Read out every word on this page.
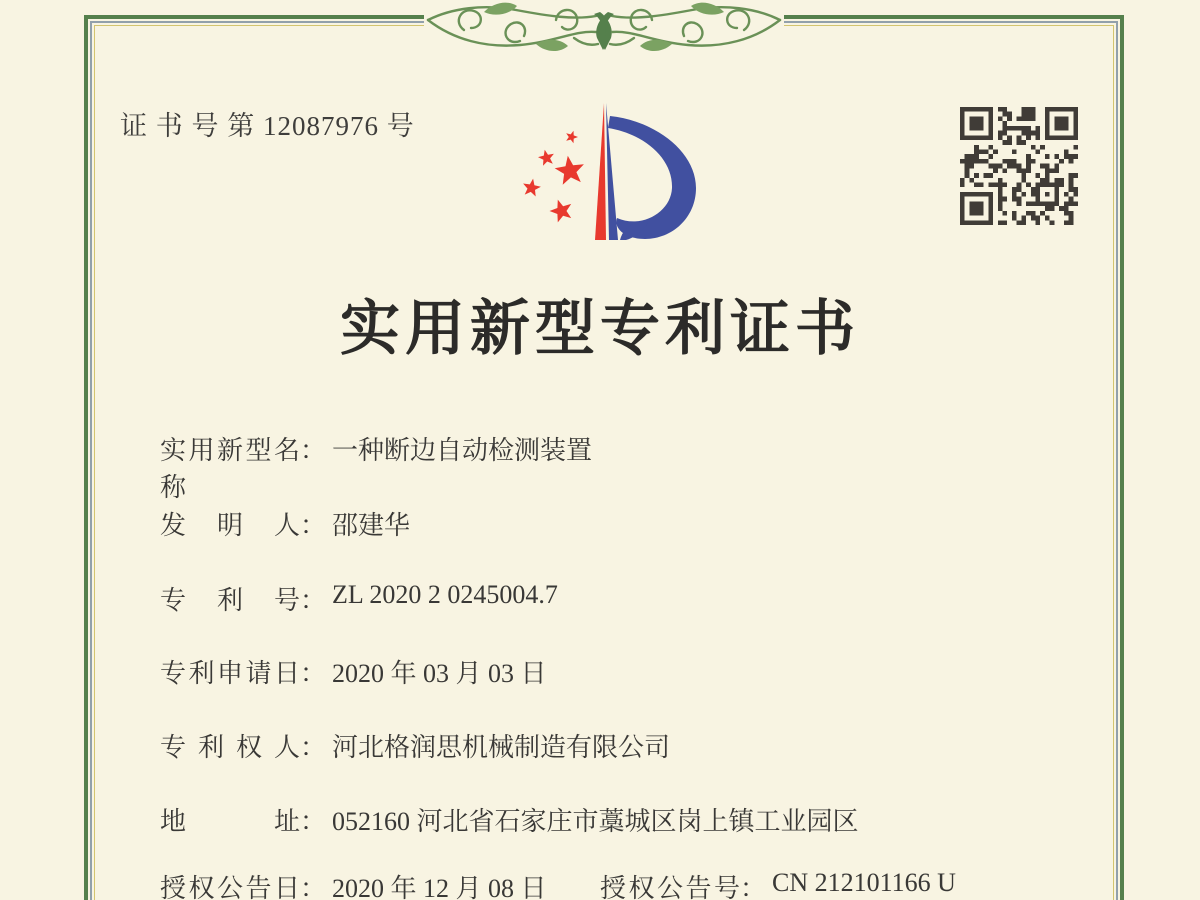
证 书 号 第 12087976 号
实用新型专利证书
实用新型名称： 一种断边自动检测装置
发明人： 邵建华
专利号： ZL 2020 2 0245004.7
专利申请日： 2020 年 03 月 03 日
专利权人： 河北格润思机械制造有限公司
地址： 052160 河北省石家庄市藁城区岗上镇工业园区
授权公告日： 2020 年 12 月 08 日 授权公告号： CN 212101166 U
